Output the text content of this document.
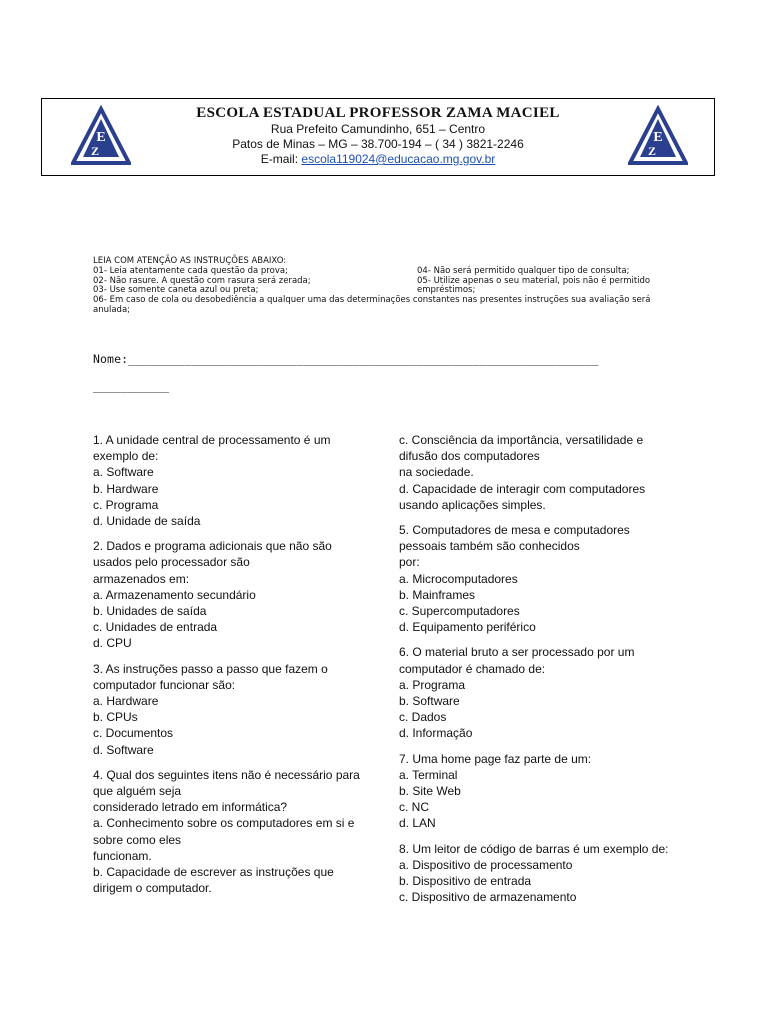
E
Z M
ESCOLA ESTADUAL PROFESSOR ZAMA MACIEL
Rua Prefeito Camundinho, 651 – Centro
Patos de Minas – MG – 38.700-194 – ( 34 ) 3821-2246
E-mail: escola119024@educacao.mg.gov.br
E
Z M
LEIA COM ATENÇÃO AS INSTRUÇÕES ABAIXO:
01- Leia atentamente cada questão da prova;	04- Não será permitido qualquer tipo de consulta;
02- Não rasure. A questão com rasura será zerada;	05- Utilize apenas o seu material, pois não é permitido
03- Use somente caneta azul ou preta;	empréstimos;
06- Em caso de cola ou desobediência a qualquer uma das determinações constantes nas presentes instruções sua avaliação será
anulada;
Nome:___________________________________________________________________
___________
1. A unidade central de processamento é um
exemplo de:
a. Software
b. Hardware
c. Programa
d. Unidade de saída
2. Dados e programa adicionais que não são
usados pelo processador são
armazenados em:
a. Armazenamento secundário
b. Unidades de saída
c. Unidades de entrada
d. CPU
3. As instruções passo a passo que fazem o
computador funcionar são:
a. Hardware
b. CPUs
c. Documentos
d. Software
4. Qual dos seguintes itens não é necessário para
que alguém seja
considerado letrado em informática?
a. Conhecimento sobre os computadores em si e
sobre como eles
funcionam.
b. Capacidade de escrever as instruções que
dirigem o computador.
c. Consciência da importância, versatilidade e
difusão dos computadores
na sociedade.
d. Capacidade de interagir com computadores
usando aplicações simples.
5. Computadores de mesa e computadores
pessoais também são conhecidos
por:
a. Microcomputadores
b. Mainframes
c. Supercomputadores
d. Equipamento periférico
6. O material bruto a ser processado por um
computador é chamado de:
a. Programa
b. Software
c. Dados
d. Informação
7. Uma home page faz parte de um:
a. Terminal
b. Site Web
c. NC
d. LAN
8. Um leitor de código de barras é um exemplo de:
a. Dispositivo de processamento
b. Dispositivo de entrada
c. Dispositivo de armazenamento
